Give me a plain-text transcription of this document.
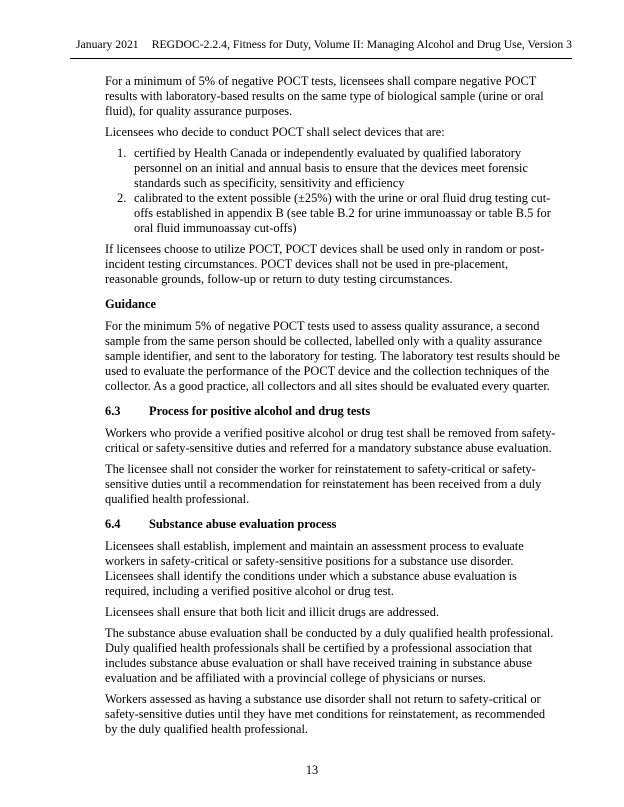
January 2021 REGDOC-2.2.4, Fitness for Duty, Volume II: Managing Alcohol and Drug Use, Version 3

For a minimum of 5% of negative POCT tests, licensees shall compare negative POCT results with laboratory-based results on the same type of biological sample (urine or oral fluid), for quality assurance purposes.

Licensees who decide to conduct POCT shall select devices that are:

1. certified by Health Canada or independently evaluated by qualified laboratory personnel on an initial and annual basis to ensure that the devices meet forensic standards such as specificity, sensitivity and efficiency
2. calibrated to the extent possible (±25%) with the urine or oral fluid drug testing cut-offs established in appendix B (see table B.2 for urine immunoassay or table B.5 for oral fluid immunoassay cut-offs)

If licensees choose to utilize POCT, POCT devices shall be used only in random or post-incident testing circumstances. POCT devices shall not be used in pre-placement, reasonable grounds, follow-up or return to duty testing circumstances.

Guidance

For the minimum 5% of negative POCT tests used to assess quality assurance, a second sample from the same person should be collected, labelled only with a quality assurance sample identifier, and sent to the laboratory for testing. The laboratory test results should be used to evaluate the performance of the POCT device and the collection techniques of the collector. As a good practice, all collectors and all sites should be evaluated every quarter.

6.3	Process for positive alcohol and drug tests

Workers who provide a verified positive alcohol or drug test shall be removed from safety-critical or safety-sensitive duties and referred for a mandatory substance abuse evaluation.

The licensee shall not consider the worker for reinstatement to safety-critical or safety-sensitive duties until a recommendation for reinstatement has been received from a duly qualified health professional.

6.4	Substance abuse evaluation process

Licensees shall establish, implement and maintain an assessment process to evaluate workers in safety-critical or safety-sensitive positions for a substance use disorder. Licensees shall identify the conditions under which a substance abuse evaluation is required, including a verified positive alcohol or drug test.

Licensees shall ensure that both licit and illicit drugs are addressed.

The substance abuse evaluation shall be conducted by a duly qualified health professional. Duly qualified health professionals shall be certified by a professional association that includes substance abuse evaluation or shall have received training in substance abuse evaluation and be affiliated with a provincial college of physicians or nurses.

Workers assessed as having a substance use disorder shall not return to safety-critical or safety-sensitive duties until they have met conditions for reinstatement, as recommended by the duly qualified health professional.

13
